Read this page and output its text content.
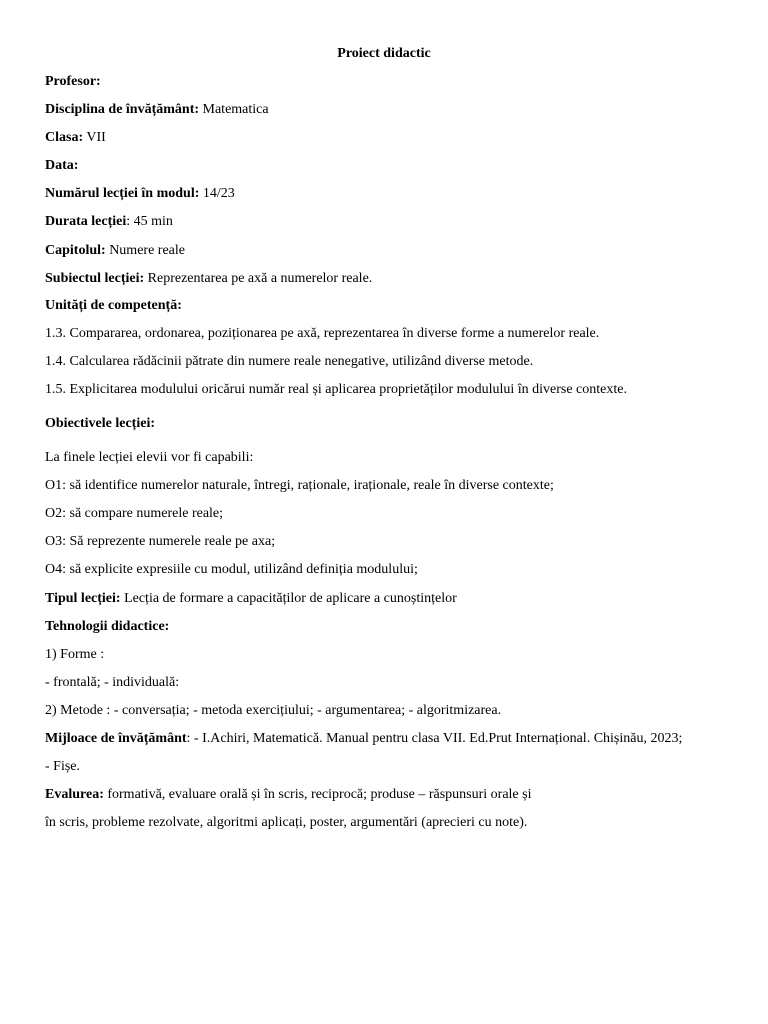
Proiect didactic
Profesor:
Disciplina de învățământ: Matematica
Clasa: VII
Data:
Numărul lecției în modul: 14/23
Durata lecției: 45 min
Capitolul: Numere reale
Subiectul lecției: Reprezentarea pe axă a numerelor reale.
Unități de competență:
1.3. Compararea, ordonarea, poziționarea pe axă, reprezentarea în diverse forme a numerelor reale.
1.4. Calcularea rădăcinii pătrate din numere reale nenegative, utilizând diverse metode.
1.5. Explicitarea modulului oricărui număr real și aplicarea proprietăților modulului în diverse contexte.
Obiectivele lecției:
La finele lecției elevii vor fi capabili:
O1: să identifice numerelor naturale, întregi, raționale, iraționale, reale în diverse contexte;
O2: să compare numerele reale;
O3: Să reprezente numerele reale pe axa;
O4: să explicite expresiile cu modul, utilizând definiția modulului;
Tipul lecției: Lecția de formare a capacităților de aplicare a cunoștințelor
Tehnologii didactice:
1) Forme :
- frontală; - individuală:
2) Metode : - conversația; - metoda exercițiului; - argumentarea; - algoritmizarea.
Mijloace de învățământ: - I.Achiri, Matematică. Manual pentru clasa VII. Ed.Prut Internațional. Chișinău, 2023;
- Fișe.
Evalurea: formativă, evaluare orală și în scris, reciprocă; produse – răspunsuri orale și
în scris, probleme rezolvate, algoritmi aplicați, poster, argumentări (aprecieri cu note).
